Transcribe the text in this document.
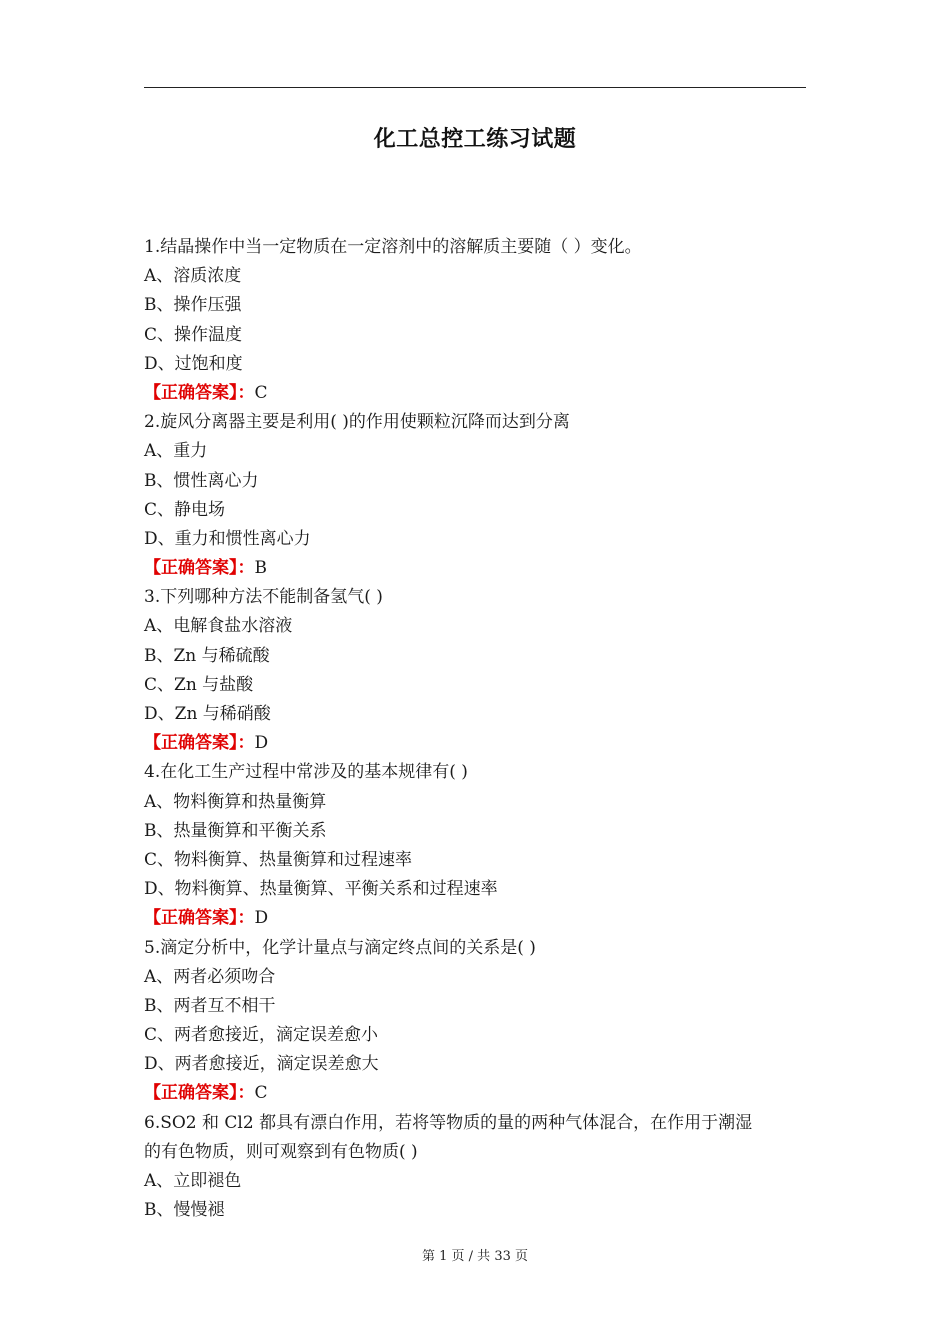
化工总控工练习试题
1.结晶操作中当一定物质在一定溶剂中的溶解质主要随（ ）变化。
A、溶质浓度
B、操作压强
C、操作温度
D、过饱和度
【正确答案】：C
2.旋风分离器主要是利用( )的作用使颗粒沉降而达到分离
A、重力
B、惯性离心力
C、静电场
D、重力和惯性离心力
【正确答案】：B
3.下列哪种方法不能制备氢气( )
A、电解食盐水溶液
B、Zn 与稀硫酸
C、Zn 与盐酸
D、Zn 与稀硝酸
【正确答案】：D
4.在化工生产过程中常涉及的基本规律有( )
A、物料衡算和热量衡算
B、热量衡算和平衡关系
C、物料衡算、热量衡算和过程速率
D、物料衡算、热量衡算、平衡关系和过程速率
【正确答案】：D
5.滴定分析中，化学计量点与滴定终点间的关系是( )
A、两者必须吻合
B、两者互不相干
C、两者愈接近，滴定误差愈小
D、两者愈接近，滴定误差愈大
【正确答案】：C
6.SO2 和 Cl2 都具有漂白作用，若将等物质的量的两种气体混合，在作用于潮湿
的有色物质，则可观察到有色物质( )
A、立即褪色
B、慢慢褪
第 1 页 / 共 33 页
